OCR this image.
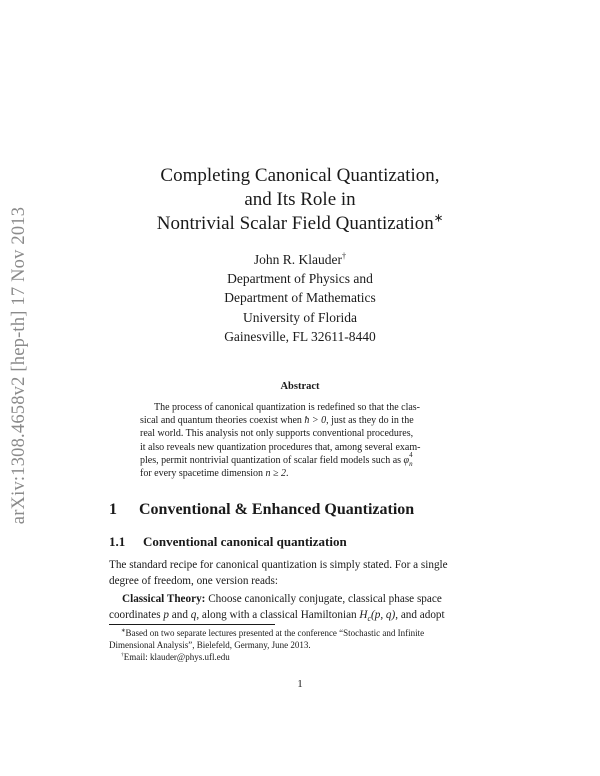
arXiv:1308.4658v2 [hep-th] 17 Nov 2013
Completing Canonical Quantization,
and Its Role in
Nontrivial Scalar Field Quantization∗
John R. Klauder†
Department of Physics and
Department of Mathematics
University of Florida
Gainesville, FL 32611-8440
Abstract
The process of canonical quantization is redefined so that the clas-
sical and quantum theories coexist when ħ > 0, just as they do in the
real world. This analysis not only supports conventional procedures,
it also reveals new quantization procedures that, among several exam-
ples, permit nontrivial quantization of scalar field models such as φ 4
n
for every spacetime dimension n ≥ 2.
1 Conventional & Enhanced Quantization
1.1 Conventional canonical quantization
The standard recipe for canonical quantization is simply stated. For a single
degree of freedom, one version reads:
Classical Theory: Choose canonically conjugate, classical phase space
coordinates p and q, along with a classical Hamiltonian $H_c(p$, q), and adopt
∗Based on two separate lectures presented at the conference “Stochastic and Infinite
Dimensional Analysis”, Bielefeld, Germany, June 2013.
†Email: klauder@phys.ufl.edu
1
